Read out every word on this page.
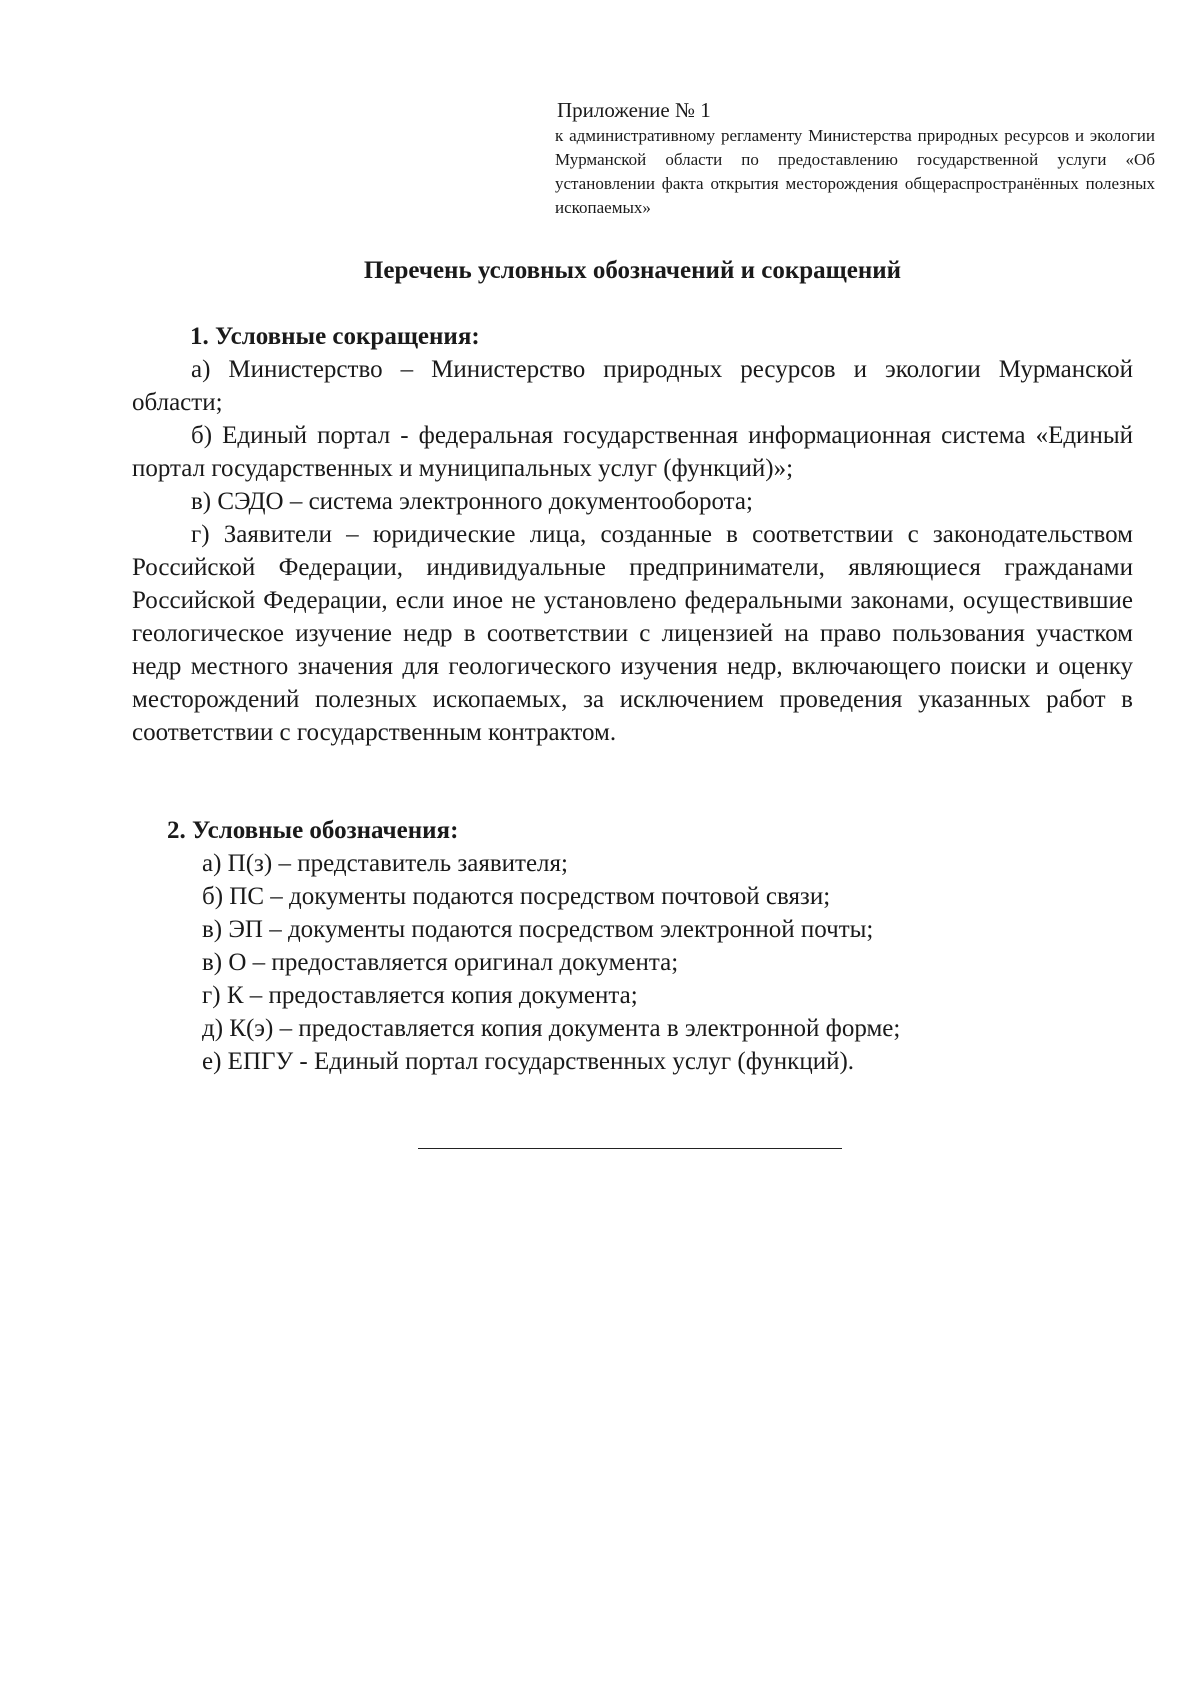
Приложение № 1

к административному регламенту Министерства природных ресурсов и экологии Мурманской области по предоставлению государственной услуги «Об установлении факта открытия месторождения общераспространённых полезных ископаемых»

Перечень условных обозначений и сокращений

1. Условные сокращения:

а) Министерство – Министерство природных ресурсов и экологии Мурманской области;

б) Единый портал - федеральная государственная информационная система «Единый портал государственных и муниципальных услуг (функций)»;

в) СЭДО – система электронного документооборота;

г) Заявители – юридические лица, созданные в соответствии с законодательством Российской Федерации, индивидуальные предприниматели, являющиеся гражданами Российской Федерации, если иное не установлено федеральными законами, осуществившие геологическое изучение недр в соответствии с лицензией на право пользования участком недр местного значения для геологического изучения недр, включающего поиски и оценку месторождений полезных ископаемых, за исключением проведения указанных работ в соответствии с государственным контрактом.

2. Условные обозначения:

а) П(з) – представитель заявителя;
б) ПС – документы подаются посредством почтовой связи;
в) ЭП – документы подаются посредством электронной почты;
в) О – предоставляется оригинал документа;
г) К – предоставляется копия документа;
д) К(э) – предоставляется копия документа в электронной форме;
е) ЕПГУ - Единый портал государственных услуг (функций).
